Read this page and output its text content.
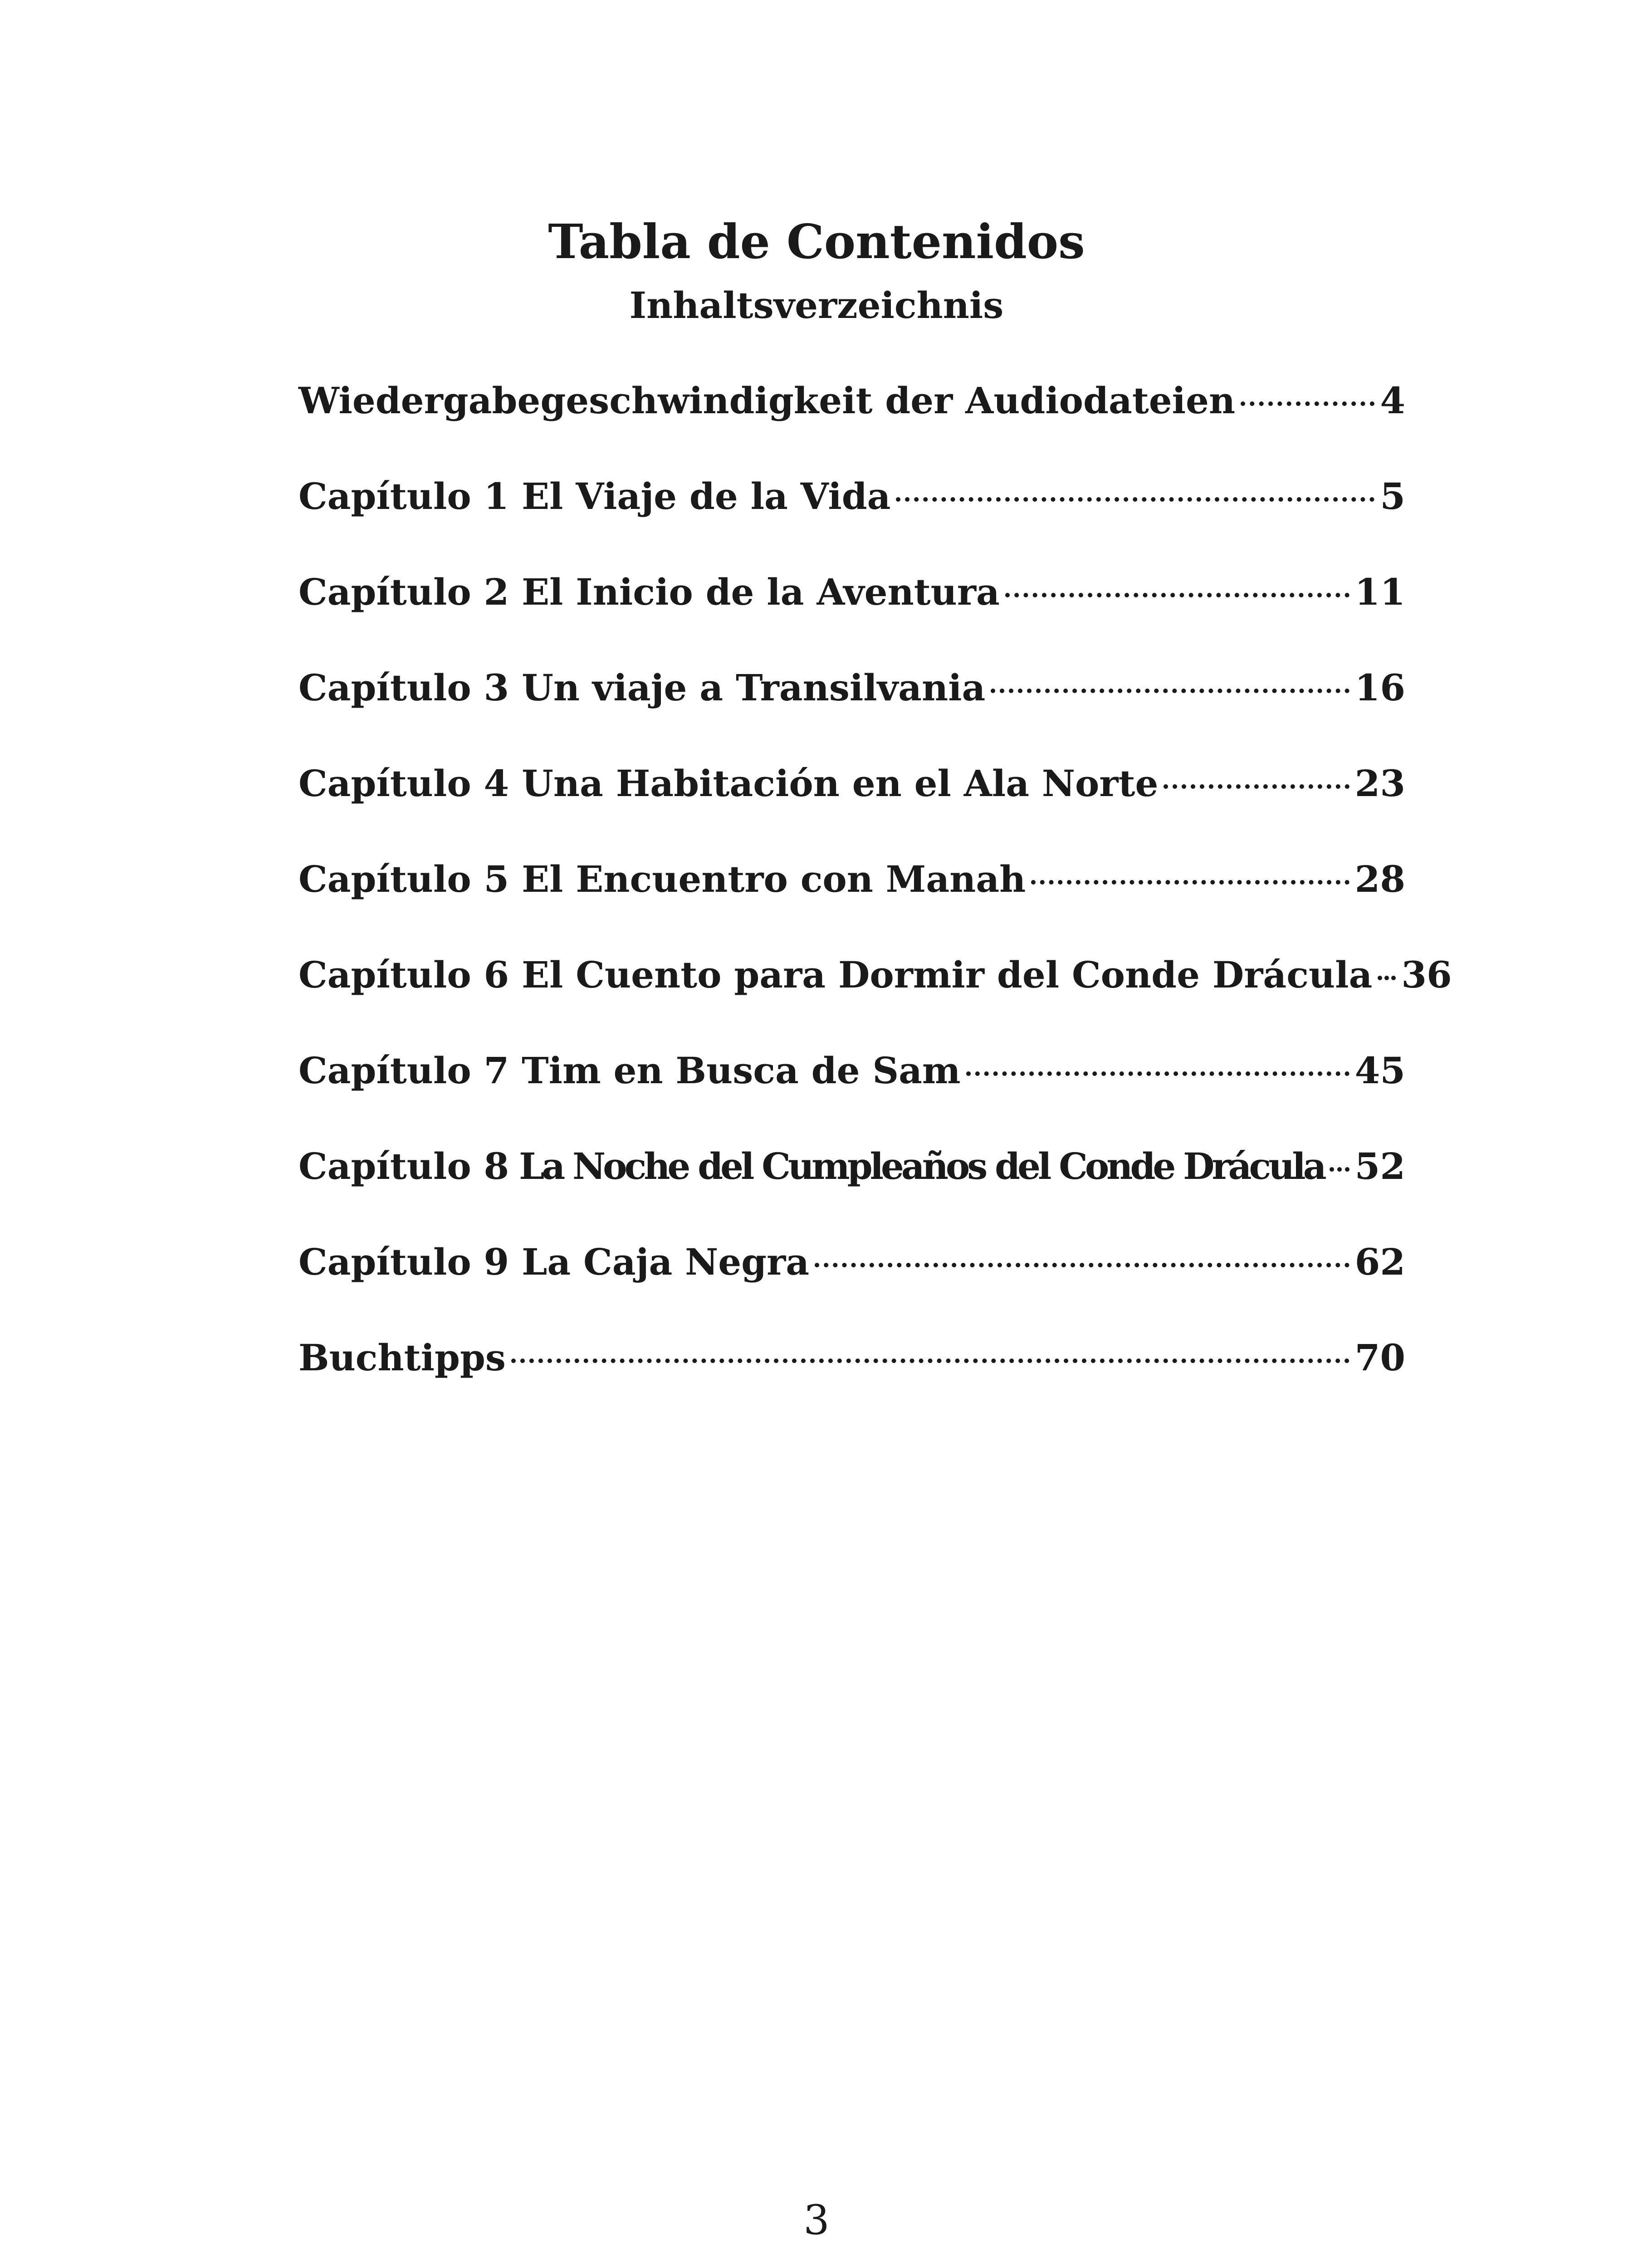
Tabla de Contenidos
Inhaltsverzeichnis
Wiedergabegeschwindigkeit der Audiodateien	4
Capítulo 1 El Viaje de la Vida	5
Capítulo 2 El Inicio de la Aventura	11
Capítulo 3 Un viaje a Transilvania	16
Capítulo 4 Una Habitación en el Ala Norte	23
Capítulo 5 El Encuentro con Manah	28
Capítulo 6 El Cuento para Dormir del Conde Drácula 36
Capítulo 7 Tim en Busca de Sam	45
Capítulo 8 La Noche del Cumpleaños del Conde Drácula 52
Capítulo 9 La Caja Negra	62
Buchtipps	70
3
